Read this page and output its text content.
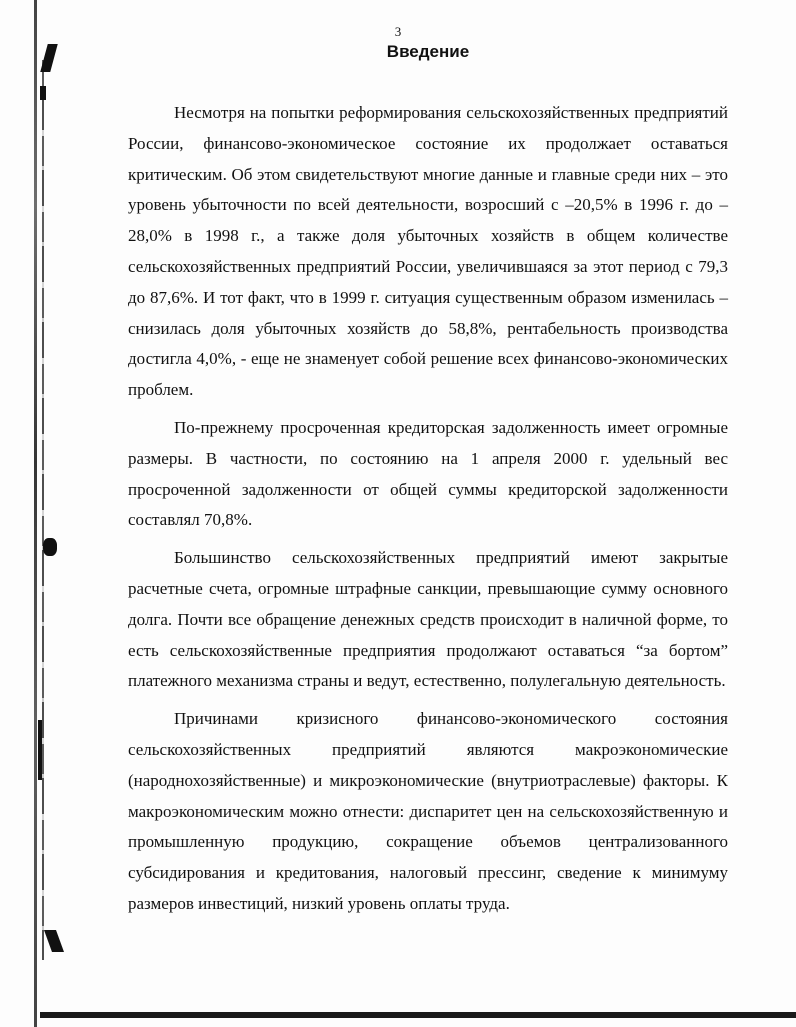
3
Введение

Несмотря на попытки реформирования сельскохозяйственных предприятий России, финансово-экономическое состояние их продолжает оставаться критическим. Об этом свидетельствуют многие данные и главные среди них – это уровень убыточности по всей деятельности, возросший с –20,5% в 1996 г. до –28,0% в 1998 г., а также доля убыточных хозяйств в общем количестве сельскохозяйственных предприятий России, увеличившаяся за этот период с 79,3 до 87,6%. И тот факт, что в 1999 г. ситуация существенным образом изменилась – снизилась доля убыточных хозяйств до 58,8%, рентабельность производства достигла 4,0%, - еще не знаменует собой решение всех финансово-экономических проблем.

По-прежнему просроченная кредиторская задолженность имеет огромные размеры. В частности, по состоянию на 1 апреля 2000 г. удельный вес просроченной задолженности от общей суммы кредиторской задолженности составлял 70,8%.

Большинство сельскохозяйственных предприятий имеют закрытые расчетные счета, огромные штрафные санкции, превышающие сумму основного долга. Почти все обращение денежных средств происходит в наличной форме, то есть сельскохозяйственные предприятия продолжают оставаться “за бортом” платежного механизма страны и ведут, естественно, полулегальную деятельность.

Причинами кризисного финансово-экономического состояния сельскохозяйственных предприятий являются макроэкономические (народнохозяйственные) и микроэкономические (внутриотраслевые) факторы. К макроэкономическим можно отнести: диспаритет цен на сельскохозяйственную и промышленную продукцию, сокращение объемов централизованного субсидирования и кредитования, налоговый прессинг, сведение к минимуму размеров инвестиций, низкий уровень оплаты труда.
